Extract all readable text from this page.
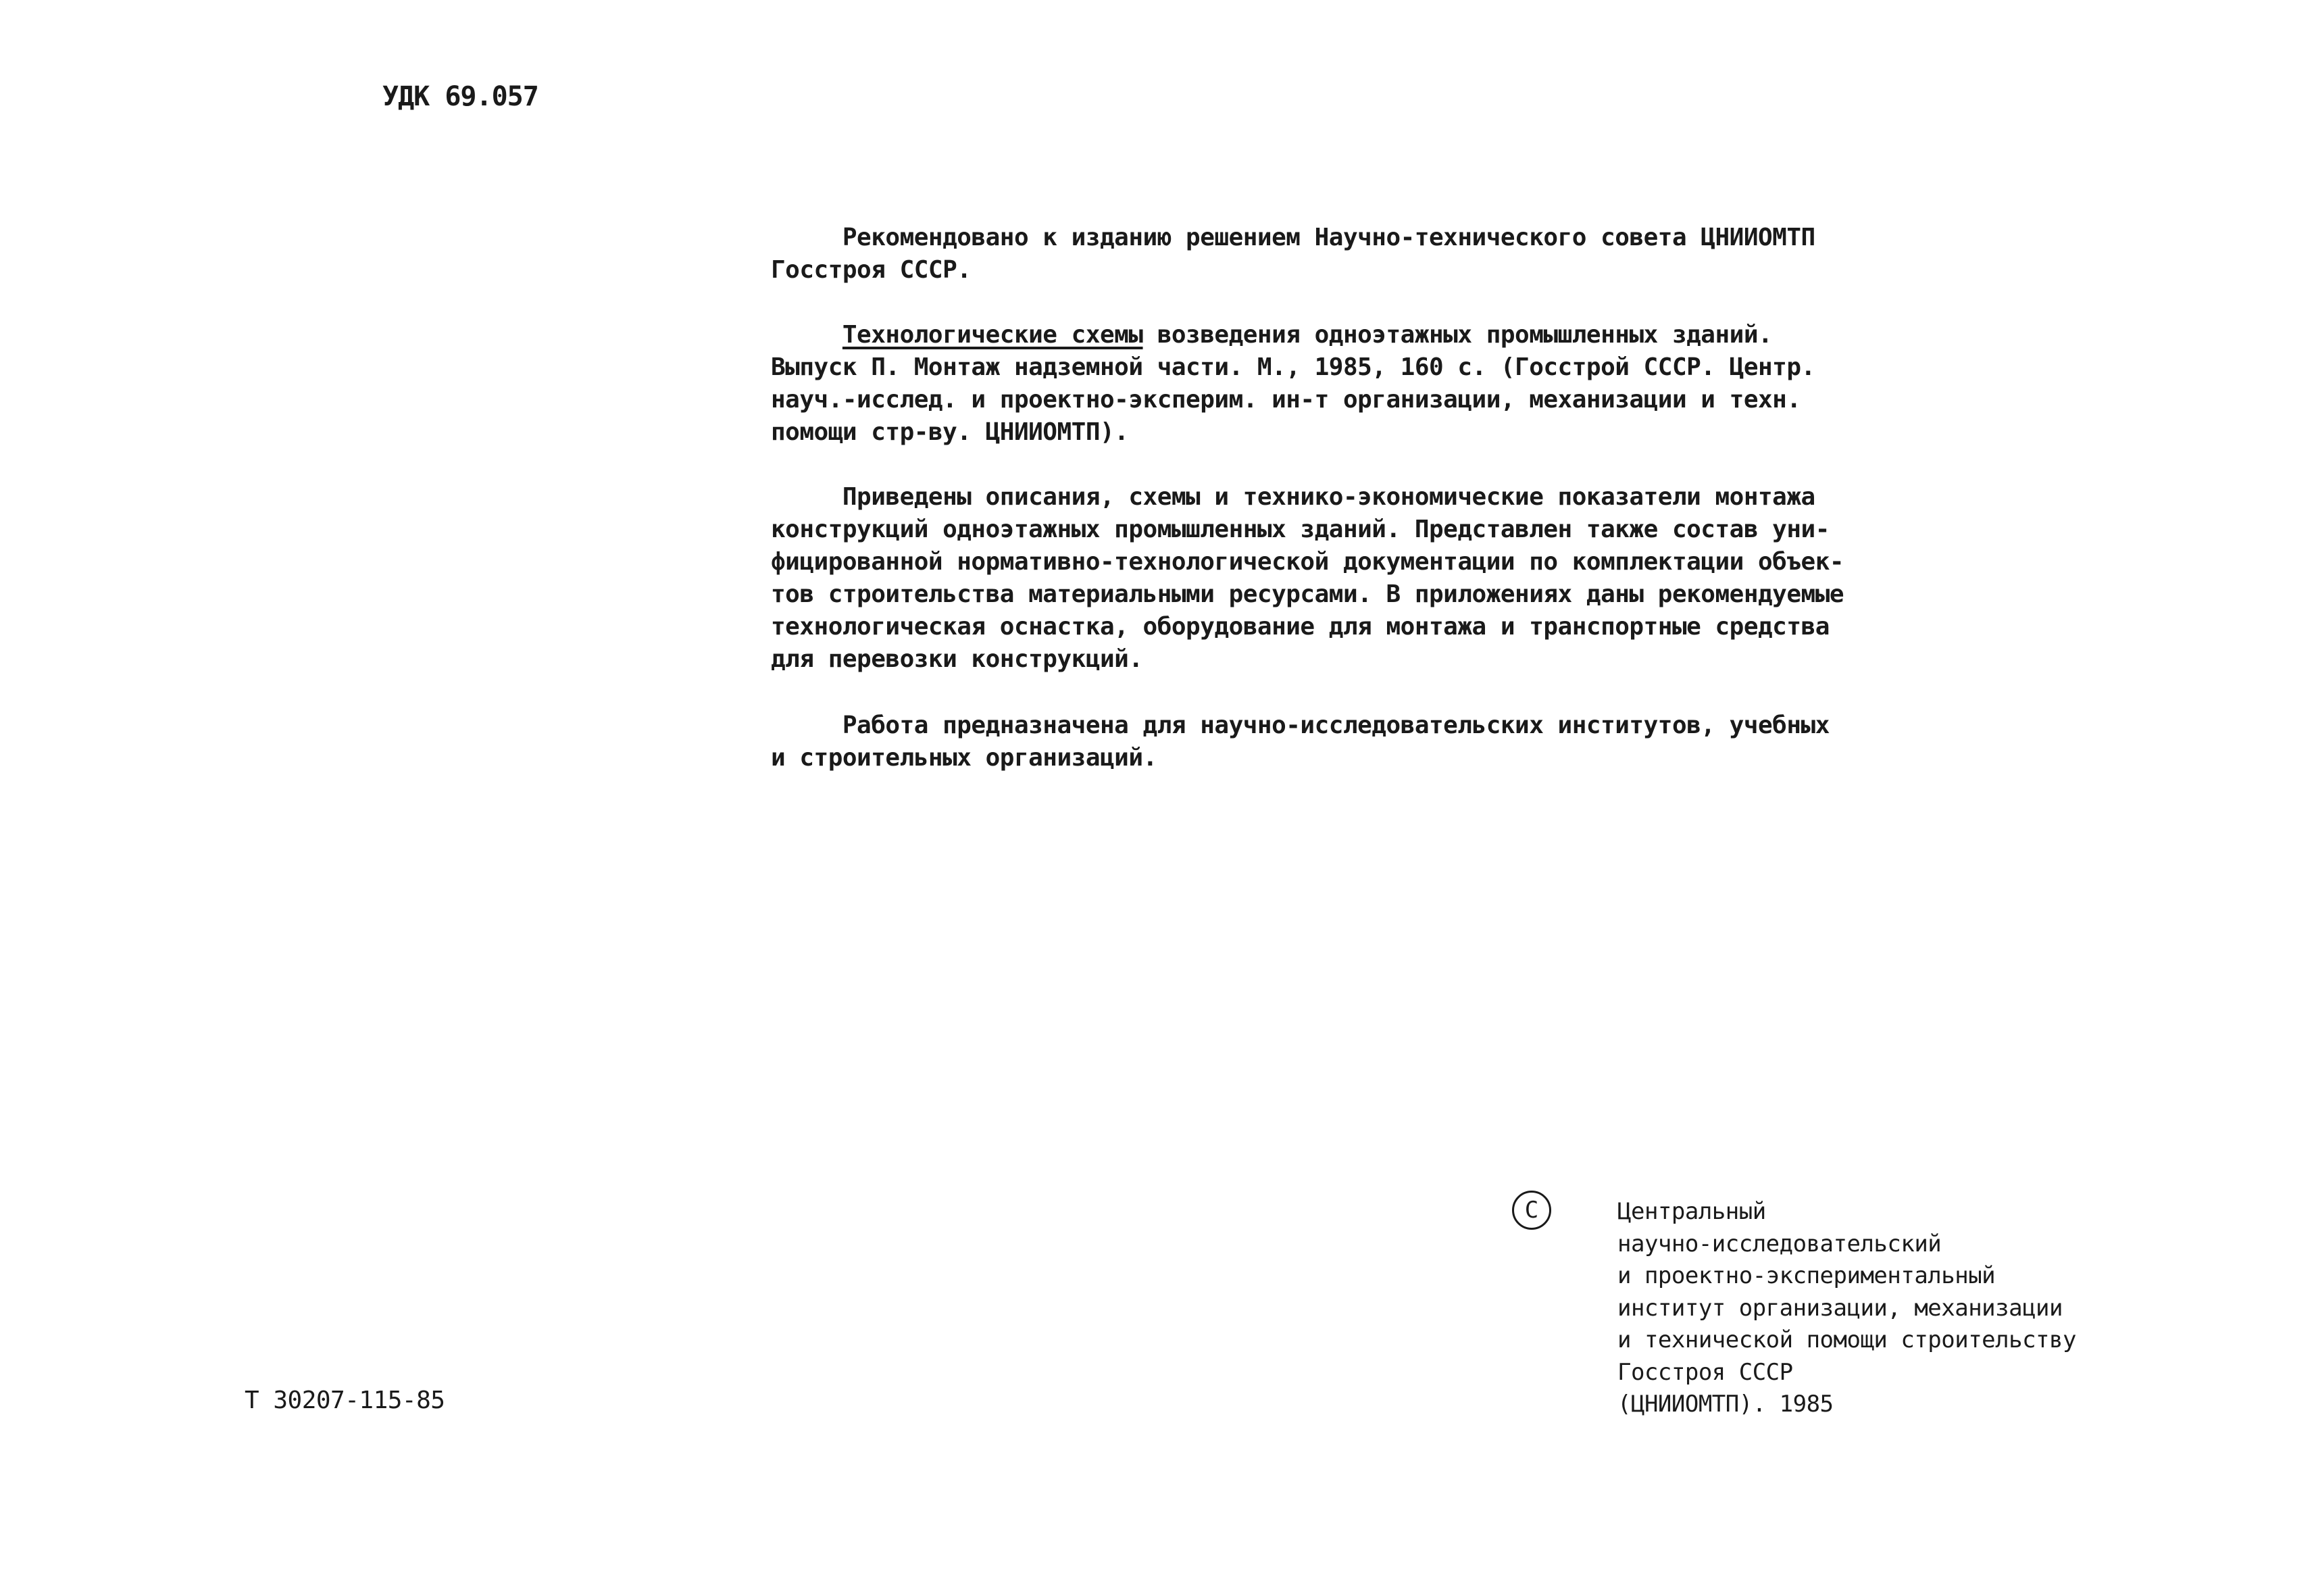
УДК 69.057
Рекомендовано к изданию решением Научно-технического совета ЦНИИОМТП
Госстроя СССР.
Технологические схемы возведения одноэтажных промышленных зданий.
Выпуск П. Монтаж надземной части. М., 1985, 160 с. (Госстрой СССР. Центр.
науч.-исслед. и проектно-эксперим. ин-т организации, механизации и техн.
помощи стр-ву. ЦНИИОМТП).
Приведены описания, схемы и технико-экономические показатели монтажа
конструкций одноэтажных промышленных зданий. Представлен также состав уни-
фицированной нормативно-технологической документации по комплектации объек-
тов строительства материальными ресурсами. В приложениях даны рекомендуемые
технологическая оснастка, оборудование для монтажа и транспортные средства
для перевозки конструкций.
Работа предназначена для научно-исследовательских институтов, учебных
и строительных организаций.
С	Центральный
научно-исследовательский
и проектно-экспериментальный
институт организации, механизации
и технической помощи строительству
Госстроя СССР
(ЦНИИОМТП). 1985
Т 30207-115-85
